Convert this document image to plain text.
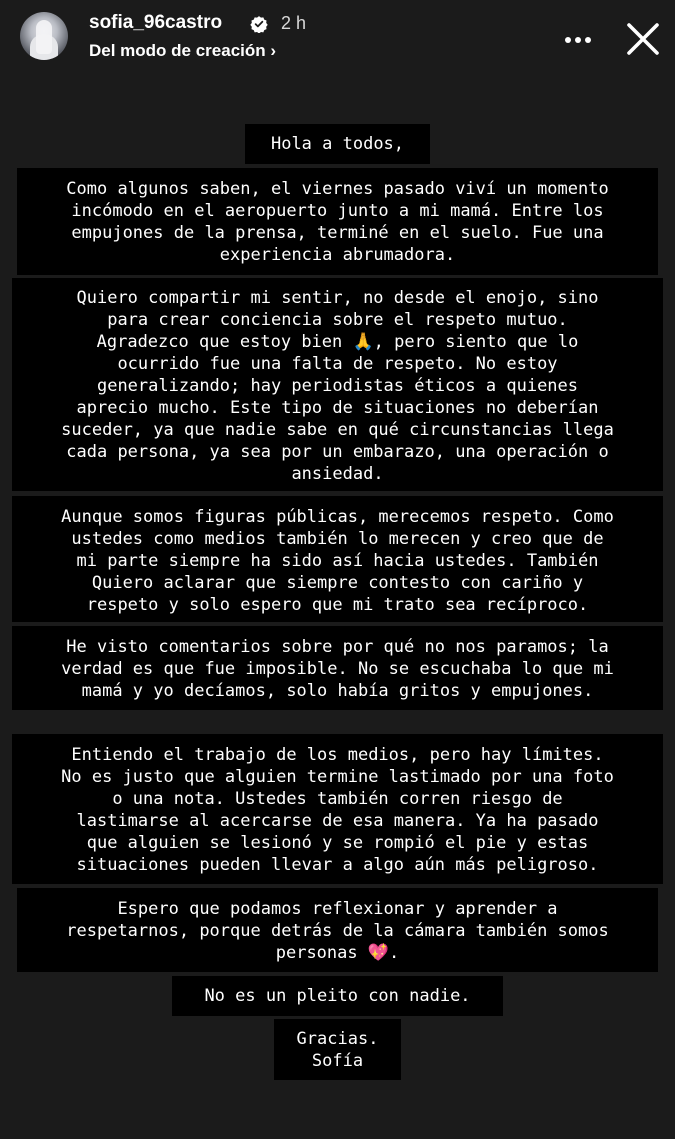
sofia_96castro	2 h
Del modo de creación ›
Hola a todos,
Como algunos saben, el viernes pasado viví un momento
incómodo en el aeropuerto junto a mi mamá. Entre los
empujones de la prensa, terminé en el suelo. Fue una
experiencia abrumadora.
Quiero compartir mi sentir, no desde el enojo, sino
para crear conciencia sobre el respeto mutuo.
Agradezco que estoy bien 🙏, pero siento que lo
ocurrido fue una falta de respeto. No estoy
generalizando; hay periodistas éticos a quienes
aprecio mucho. Este tipo de situaciones no deberían
suceder, ya que nadie sabe en qué circunstancias llega
cada persona, ya sea por un embarazo, una operación o
ansiedad.
Aunque somos figuras públicas, merecemos respeto. Como
ustedes como medios también lo merecen y creo que de
mi parte siempre ha sido así hacia ustedes. También
Quiero aclarar que siempre contesto con cariño y
respeto y solo espero que mi trato sea recíproco.
He visto comentarios sobre por qué no nos paramos; la
verdad es que fue imposible. No se escuchaba lo que mi
mamá y yo decíamos, solo había gritos y empujones.
Entiendo el trabajo de los medios, pero hay límites.
No es justo que alguien termine lastimado por una foto
o una nota. Ustedes también corren riesgo de
lastimarse al acercarse de esa manera. Ya ha pasado
que alguien se lesionó y se rompió el pie y estas
situaciones pueden llevar a algo aún más peligroso.
Espero que podamos reflexionar y aprender a
respetarnos, porque detrás de la cámara también somos
personas 💖.
No es un pleito con nadie.
Gracias.
Sofía
